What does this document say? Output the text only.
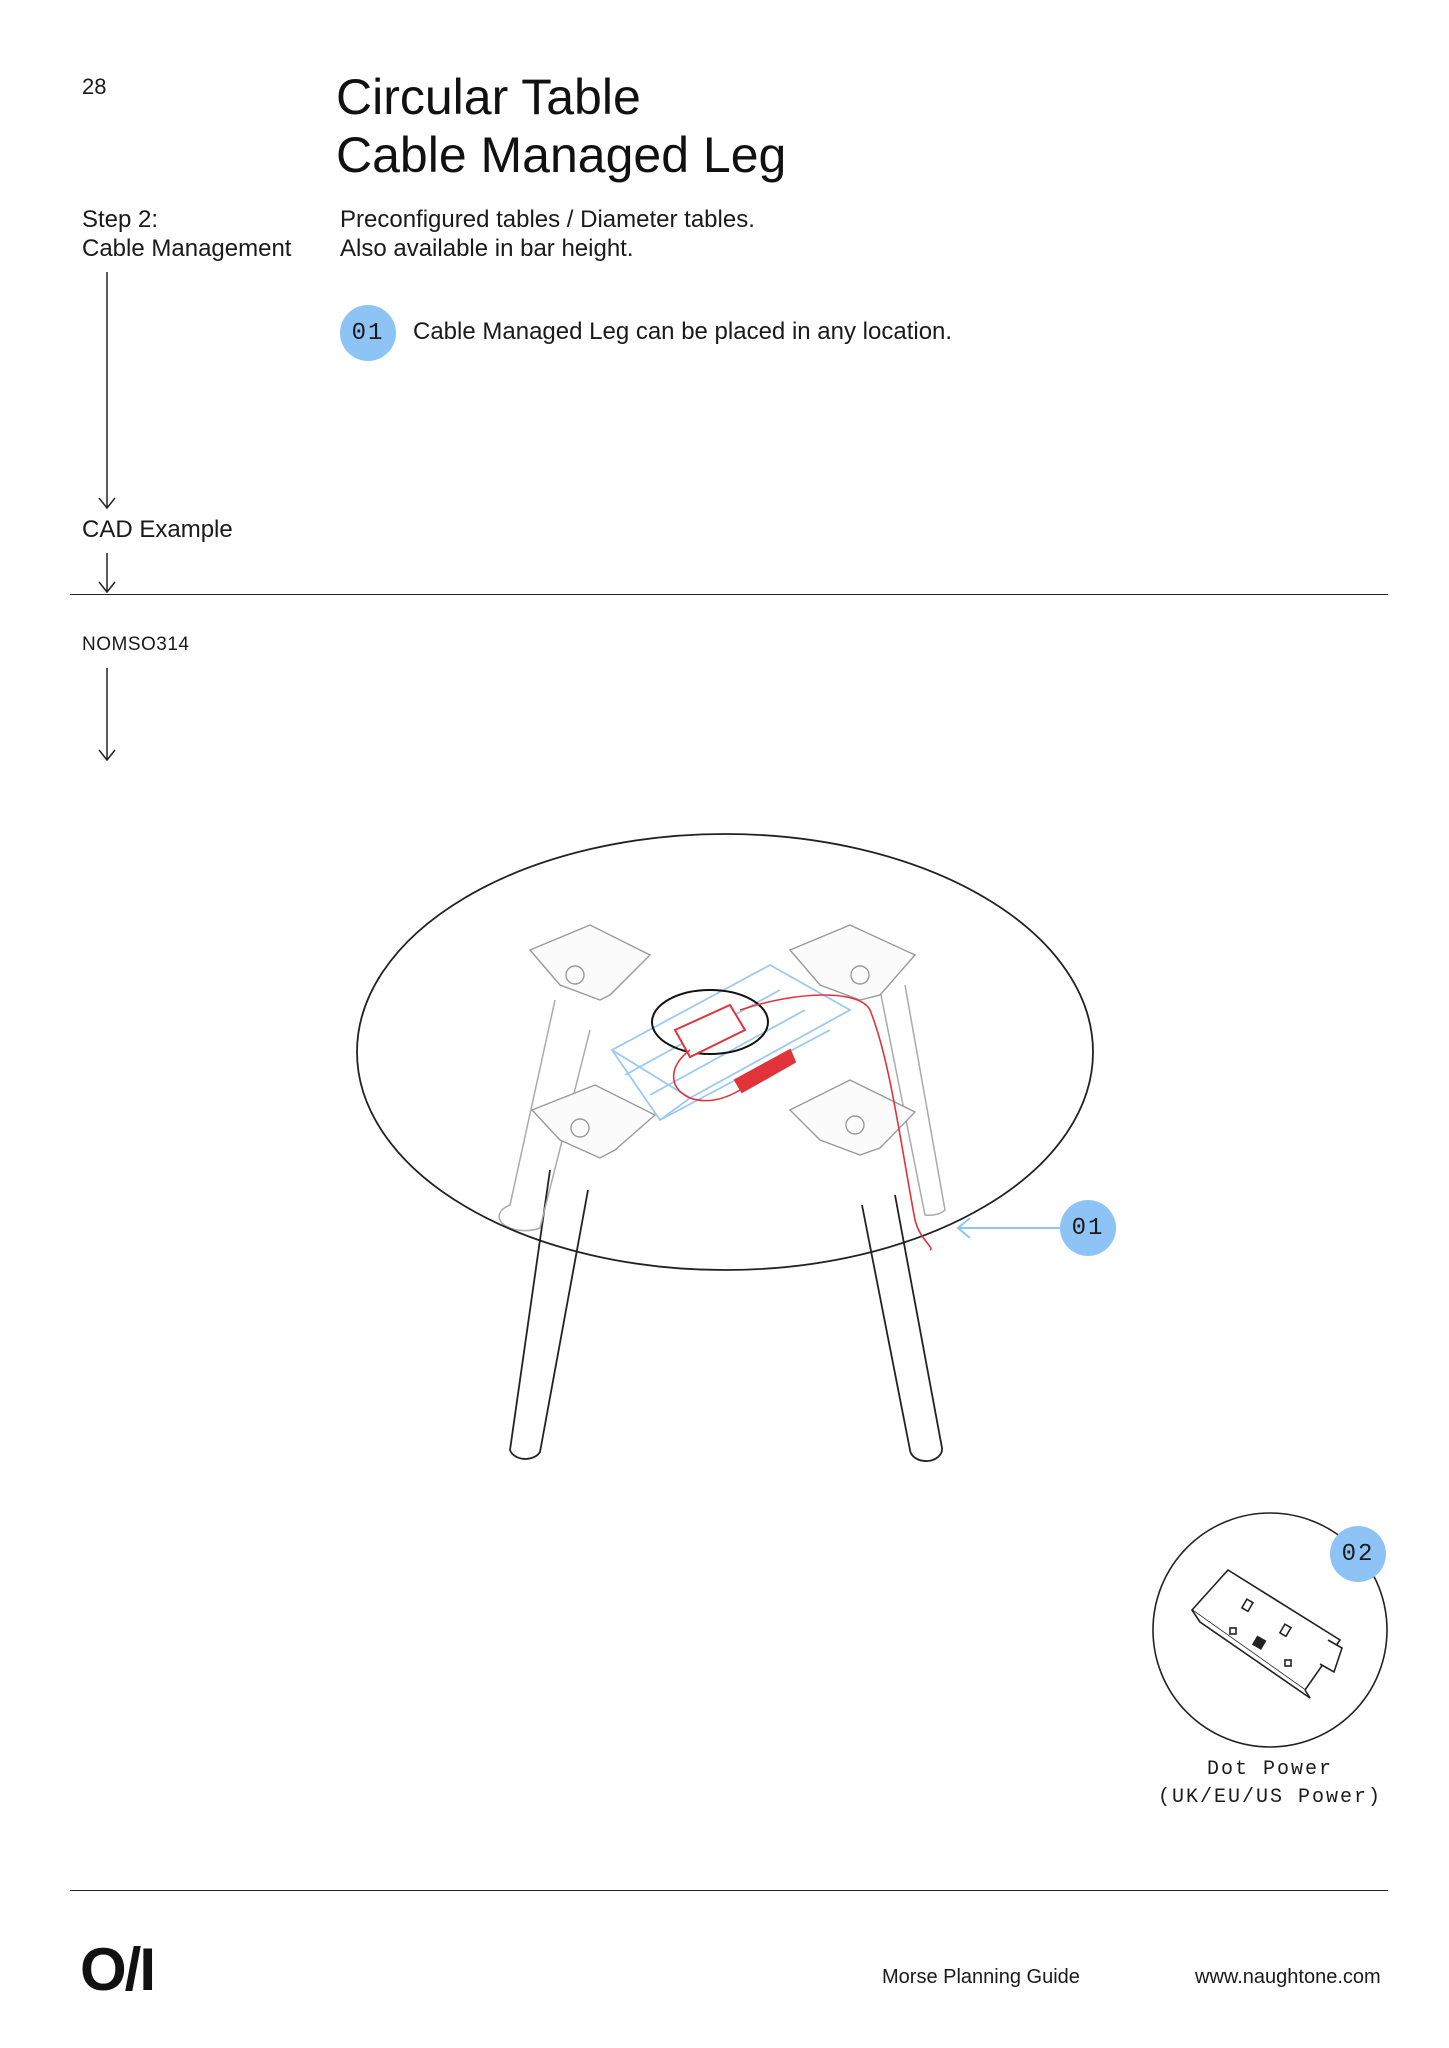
28	Circular Table
Cable Managed Leg
Step 2:
Cable Management
Preconfigured tables / Diameter tables.
Also available in bar height.
01	Cable Managed Leg can be placed in any location.
CAD Example
NOMSO314
01
02
Dot Power
(UK/EU/US Power)
O/I	Morse Planning Guide	www.naughtone.com
